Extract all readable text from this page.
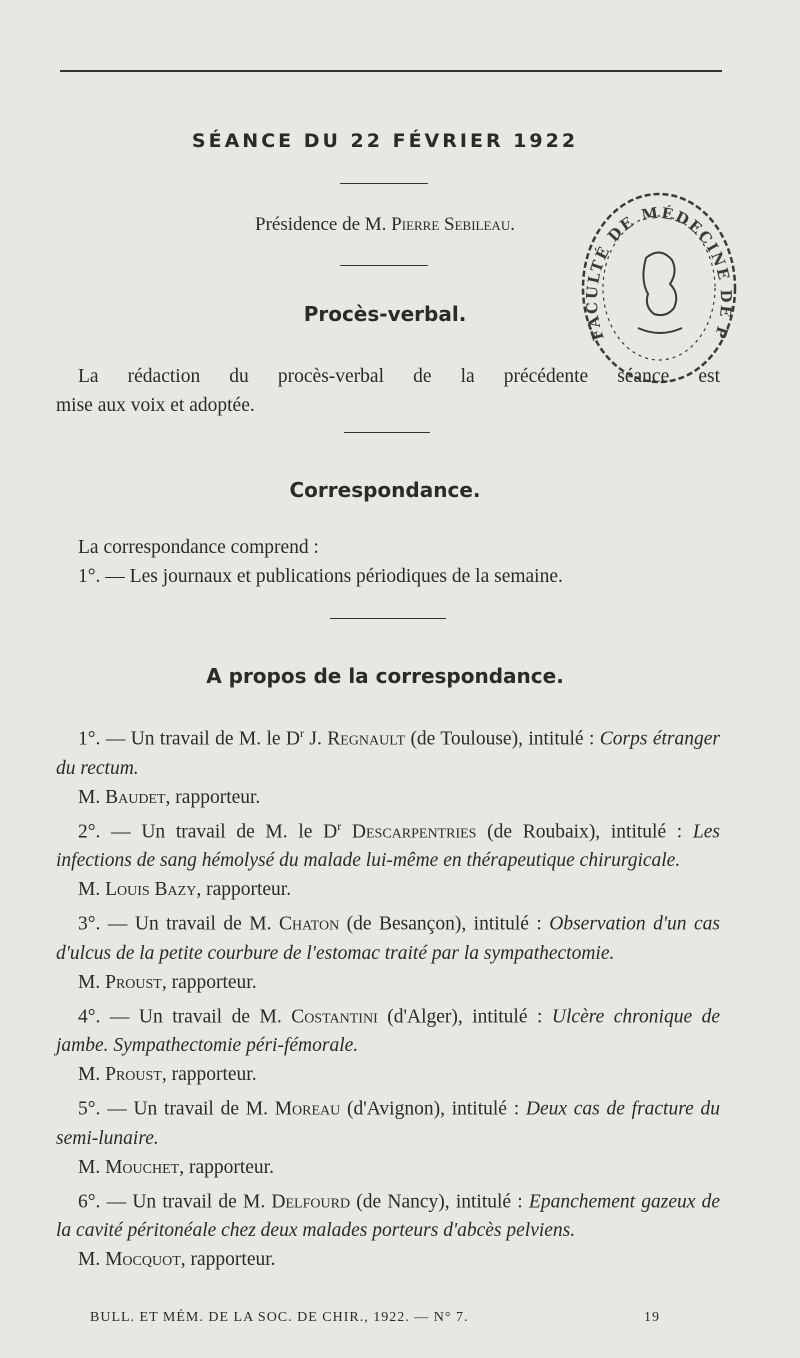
SÉANCE DU 22 FÉVRIER 1922
Présidence de M. Pierre Sebileau.
Procès-verbal.

La rédaction du procès-verbal de la précédente séance est

mise aux voix et adoptée.

Correspondance.

La correspondance comprend :

1°. — Les journaux et publications périodiques de la semaine.

A propos de la correspondance.

1°. — Un travail de M. le $D^r$ J. Regnault (de Toulouse), intitulé : Corps étranger du rectum.

M. Baudet, rapporteur.

2°. — Un travail de M. le $D^r$ Descarpentries (de Roubaix), intitulé : Les infections de sang hémolysé du malade lui-même en thérapeutique chirurgicale.

M. Louis Bazy, rapporteur.

3°. — Un travail de M. Chaton (de Besançon), intitulé : Observation d'un cas d'ulcus de la petite courbure de l'estomac traité par la sympathectomie.

M. Proust, rapporteur.

4°. — Un travail de M. Costantini (d'Alger), intitulé : Ulcère chronique de jambe. Sympathectomie péri-fémorale.

M. Proust, rapporteur.

5°. — Un travail de M. Moreau (d'Avignon), intitulé : Deux cas de fracture du semi-lunaire.

M. Mouchet, rapporteur.

6°. — Un travail de M. Delfourd (de Nancy), intitulé : Epanchement gazeux de la cavité péritonéale chez deux malades porteurs d'abcès pelviens.

M. Mocquot, rapporteur.

FACULTÉ DE MÉDECINE DE P
BULL. ET MÉM. DE LA SOC. DE CHIR., 1922. — N° 7.	19
